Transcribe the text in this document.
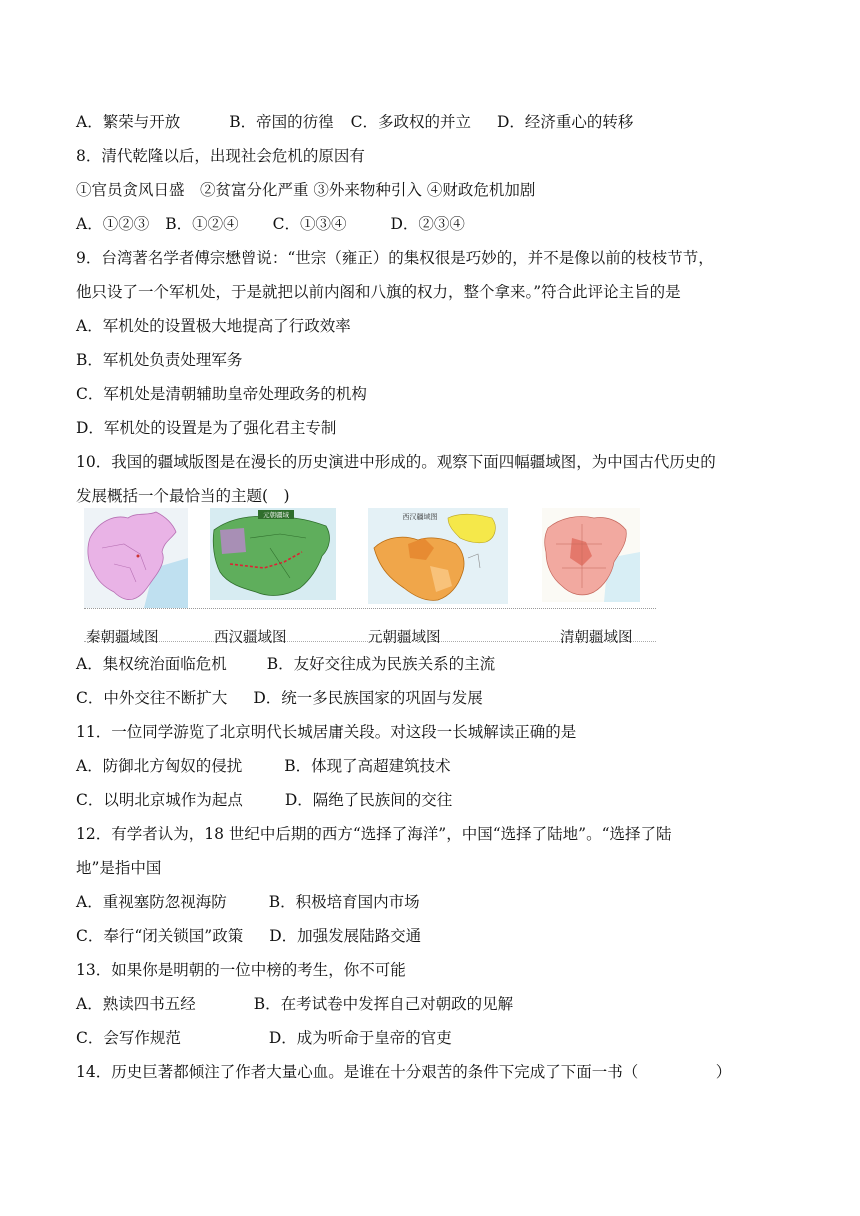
A．繁荣与开放	B．帝国的彷徨 C．多政权的并立 D．经济重心的转移
8．清代乾隆以后，出现社会危机的原因有
①官员贪风日盛　②贫富分化严重 ③外来物种引入 ④财政危机加剧
A．①②③ B．①②④ C．①③④	D．②③④
9．台湾著名学者傅宗懋曾说：“世宗（雍正）的集权很是巧妙的，并不是像以前的枝枝节节，
他只设了一个军机处，于是就把以前内阁和八旗的权力，整个拿来。”符合此评论主旨的是
A．军机处的设置极大地提高了行政效率
B．军机处负责处理军务
C．军机处是清朝辅助皇帝处理政务的机构
D．军机处的设置是为了强化君主专制
10．我国的疆域版图是在漫长的历史演进中形成的。观察下面四幅疆域图，为中国古代历史的
发展概括一个最恰当的主题(　)
元朝疆域	西汉疆域图
秦朝疆域图	西汉疆域图	元朝疆域图	清朝疆域图
A．集权统治面临危机	B．友好交往成为民族关系的主流
C．中外交往不断扩大 D．统一多民族国家的巩固与发展
11．一位同学游览了北京明代长城居庸关段。对这段一长城解读正确的是
A．防御北方匈奴的侵扰	B．体现了高超建筑技术
C．以明北京城作为起点	D．隔绝了民族间的交往
12．有学者认为，18 世纪中后期的西方“选择了海洋”，中国“选择了陆地”。“选择了陆
地”是指中国
A．重视塞防忽视海防	B．积极培育国内市场
C．奉行“闭关锁国”政策 D．加强发展陆路交通
13．如果你是明朝的一位中榜的考生，你不可能
A．熟读四书五经	B．在考试卷中发挥自己对朝政的见解
C．会写作规范	D．成为听命于皇帝的官吏
14．历史巨著都倾注了作者大量心血。是谁在十分艰苦的条件下完成了下面一书（　　　　　）
